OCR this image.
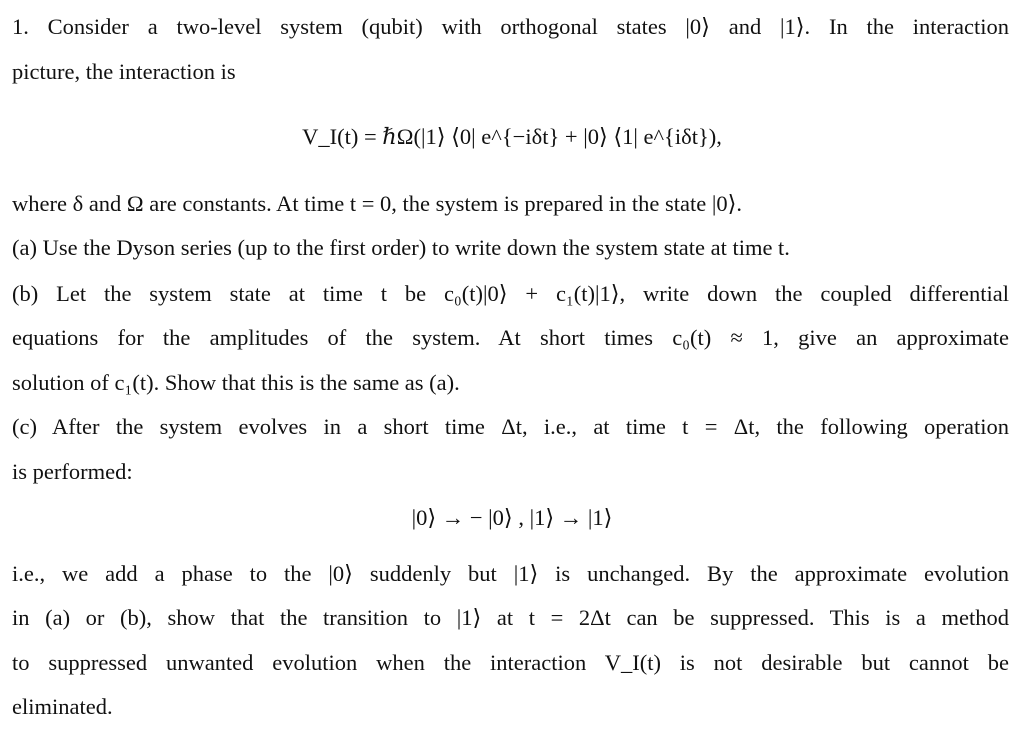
1. Consider a two-level system (qubit) with orthogonal states |0⟩ and |1⟩. In the interaction
picture, the interaction is
V_I(t) = ℏΩ(|1⟩ ⟨0| e^{−iδt} + |0⟩ ⟨1| e^{iδt}),
where δ and Ω are constants. At time t = 0, the system is prepared in the state |0⟩.
(a) Use the Dyson series (up to the first order) to write down the system state at time t.
(b) Let the system state at time t be c₀(t)|0⟩ + c₁(t)|1⟩, write down the coupled differential
equations for the amplitudes of the system. At short times c₀(t) ≈ 1, give an approximate
solution of c₁(t). Show that this is the same as (a).
(c) After the system evolves in a short time Δt, i.e., at time t = Δt, the following operation
is performed:
|0⟩ → − |0⟩ , |1⟩ → |1⟩
i.e., we add a phase to the |0⟩ suddenly but |1⟩ is unchanged. By the approximate evolution
in (a) or (b), show that the transition to |1⟩ at t = 2Δt can be suppressed. This is a method
to suppressed unwanted evolution when the interaction V_I(t) is not desirable but cannot be
eliminated.
